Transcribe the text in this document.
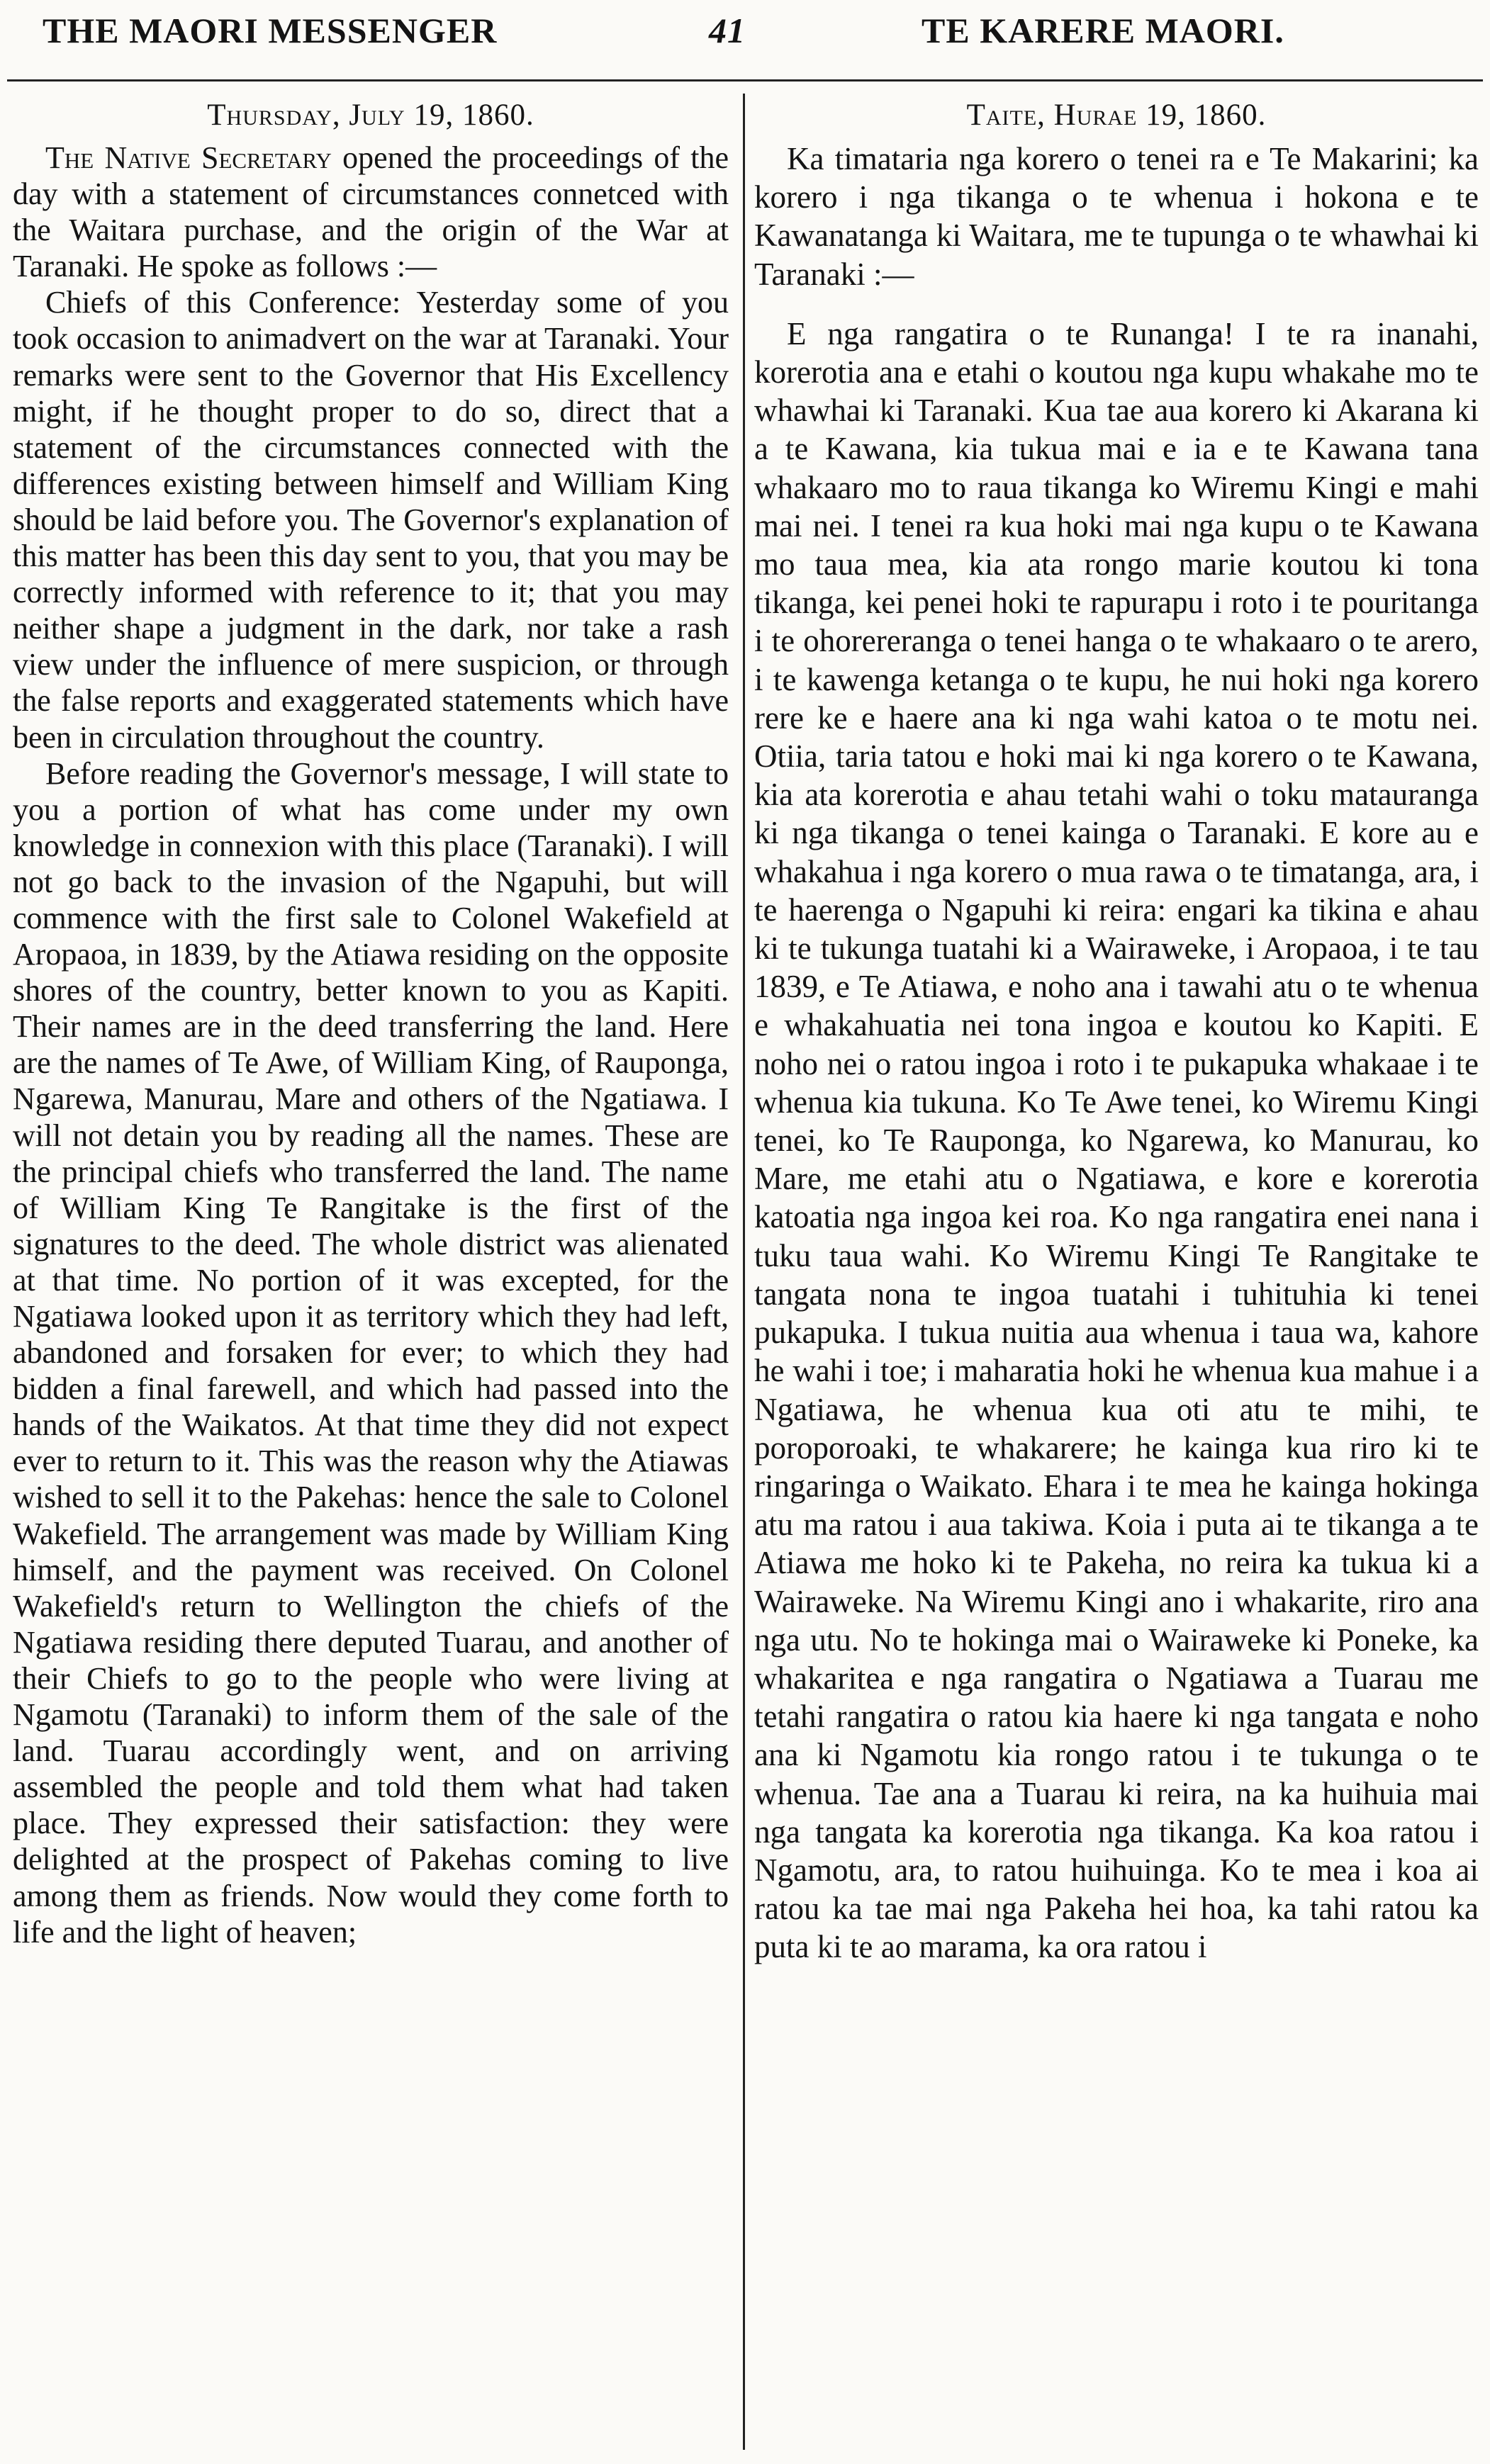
THE MAORI MESSENGER	41	TE KARERE MAORI.
Thursday, July 19, 1860.

The Native Secretary opened the proceedings of the day with a statement of circumstances connetced with the Waitara purchase, and the origin of the War at Taranaki. He spoke as follows :—

Chiefs of this Conference: Yesterday some of you took occasion to animadvert on the war at Taranaki. Your remarks were sent to the Governor that His Excellency might, if he thought proper to do so, direct that a statement of the circumstances connected with the differences existing between himself and William King should be laid before you. The Governor's explanation of this matter has been this day sent to you, that you may be correctly informed with reference to it; that you may neither shape a judgment in the dark, nor take a rash view under the influence of mere suspicion, or through the false reports and exaggerated statements which have been in circulation throughout the country.

Before reading the Governor's message, I will state to you a portion of what has come under my own knowledge in connexion with this place (Taranaki). I will not go back to the invasion of the Ngapuhi, but will commence with the first sale to Colonel Wakefield at Aropaoa, in 1839, by the Atiawa residing on the opposite shores of the country, better known to you as Kapiti. Their names are in the deed transferring the land. Here are the names of Te Awe, of William King, of Rauponga, Ngarewa, Manurau, Mare and others of the Ngatiawa. I will not detain you by reading all the names. These are the principal chiefs who transferred the land. The name of William King Te Rangitake is the first of the signatures to the deed. The whole district was alienated at that time. No portion of it was excepted, for the Ngatiawa looked upon it as territory which they had left, abandoned and forsaken for ever; to which they had bidden a final farewell, and which had passed into the hands of the Waikatos. At that time they did not expect ever to return to it. This was the reason why the Atiawas wished to sell it to the Pakehas: hence the sale to Colonel Wakefield. The arrangement was made by William King himself, and the payment was received. On Colonel Wakefield's return to Wellington the chiefs of the Ngatiawa residing there deputed Tuarau, and another of their Chiefs to go to the people who were living at Ngamotu (Taranaki) to inform them of the sale of the land. Tuarau accordingly went, and on arriving assembled the people and told them what had taken place. They expressed their satisfaction: they were delighted at the prospect of Pakehas coming to live among them as friends. Now would they come forth to life and the light of heaven;

Taite, Hurae 19, 1860.

Ka timataria nga korero o tenei ra e Te Makarini; ka korero i nga tikanga o te whenua i hokona e te Kawanatanga ki Waitara, me te tupunga o te whawhai ki Taranaki :—

E nga rangatira o te Runanga! I te ra inanahi, korerotia ana e etahi o koutou nga kupu whakahe mo te whawhai ki Taranaki. Kua tae aua korero ki Akarana ki a te Kawana, kia tukua mai e ia e te Kawana tana whakaaro mo to raua tikanga ko Wiremu Kingi e mahi mai nei. I tenei ra kua hoki mai nga kupu o te Kawana mo taua mea, kia ata rongo marie koutou ki tona tikanga, kei penei hoki te rapurapu i roto i te pouritanga i te ohorereranga o tenei hanga o te whakaaro o te arero, i te kawenga ketanga o te kupu, he nui hoki nga korero rere ke e haere ana ki nga wahi katoa o te motu nei. Otiia, taria tatou e hoki mai ki nga korero o te Kawana, kia ata korerotia e ahau tetahi wahi o toku matauranga ki nga tikanga o tenei kainga o Taranaki. E kore au e whakahua i nga korero o mua rawa o te timatanga, ara, i te haerenga o Ngapuhi ki reira: engari ka tikina e ahau ki te tukunga tuatahi ki a Wairaweke, i Aropaoa, i te tau 1839, e Te Atiawa, e noho ana i tawahi atu o te whenua e whakahuatia nei tona ingoa e koutou ko Kapiti. E noho nei o ratou ingoa i roto i te pukapuka whakaae i te whenua kia tukuna. Ko Te Awe tenei, ko Wiremu Kingi tenei, ko Te Rauponga, ko Ngarewa, ko Manurau, ko Mare, me etahi atu o Ngatiawa, e kore e korerotia katoatia nga ingoa kei roa. Ko nga rangatira enei nana i tuku taua wahi. Ko Wiremu Kingi Te Rangitake te tangata nona te ingoa tuatahi i tuhituhia ki tenei pukapuka. I tukua nuitia aua whenua i taua wa, kahore he wahi i toe; i maharatia hoki he whenua kua mahue i a Ngatiawa, he whenua kua oti atu te mihi, te poroporoaki, te whakarere; he kainga kua riro ki te ringaringa o Waikato. Ehara i te mea he kainga hokinga atu ma ratou i aua takiwa. Koia i puta ai te tikanga a te Atiawa me hoko ki te Pakeha, no reira ka tukua ki a Wairaweke. Na Wiremu Kingi ano i whakarite, riro ana nga utu. No te hokinga mai o Wairaweke ki Poneke, ka whakaritea e nga rangatira o Ngatiawa a Tuarau me tetahi rangatira o ratou kia haere ki nga tangata e noho ana ki Ngamotu kia rongo ratou i te tukunga o te whenua. Tae ana a Tuarau ki reira, na ka huihuia mai nga tangata ka korerotia nga tikanga. Ka koa ratou i Ngamotu, ara, to ratou huihuinga. Ko te mea i koa ai ratou ka tae mai nga Pakeha hei hoa, ka tahi ratou ka puta ki te ao marama, ka ora ratou i
